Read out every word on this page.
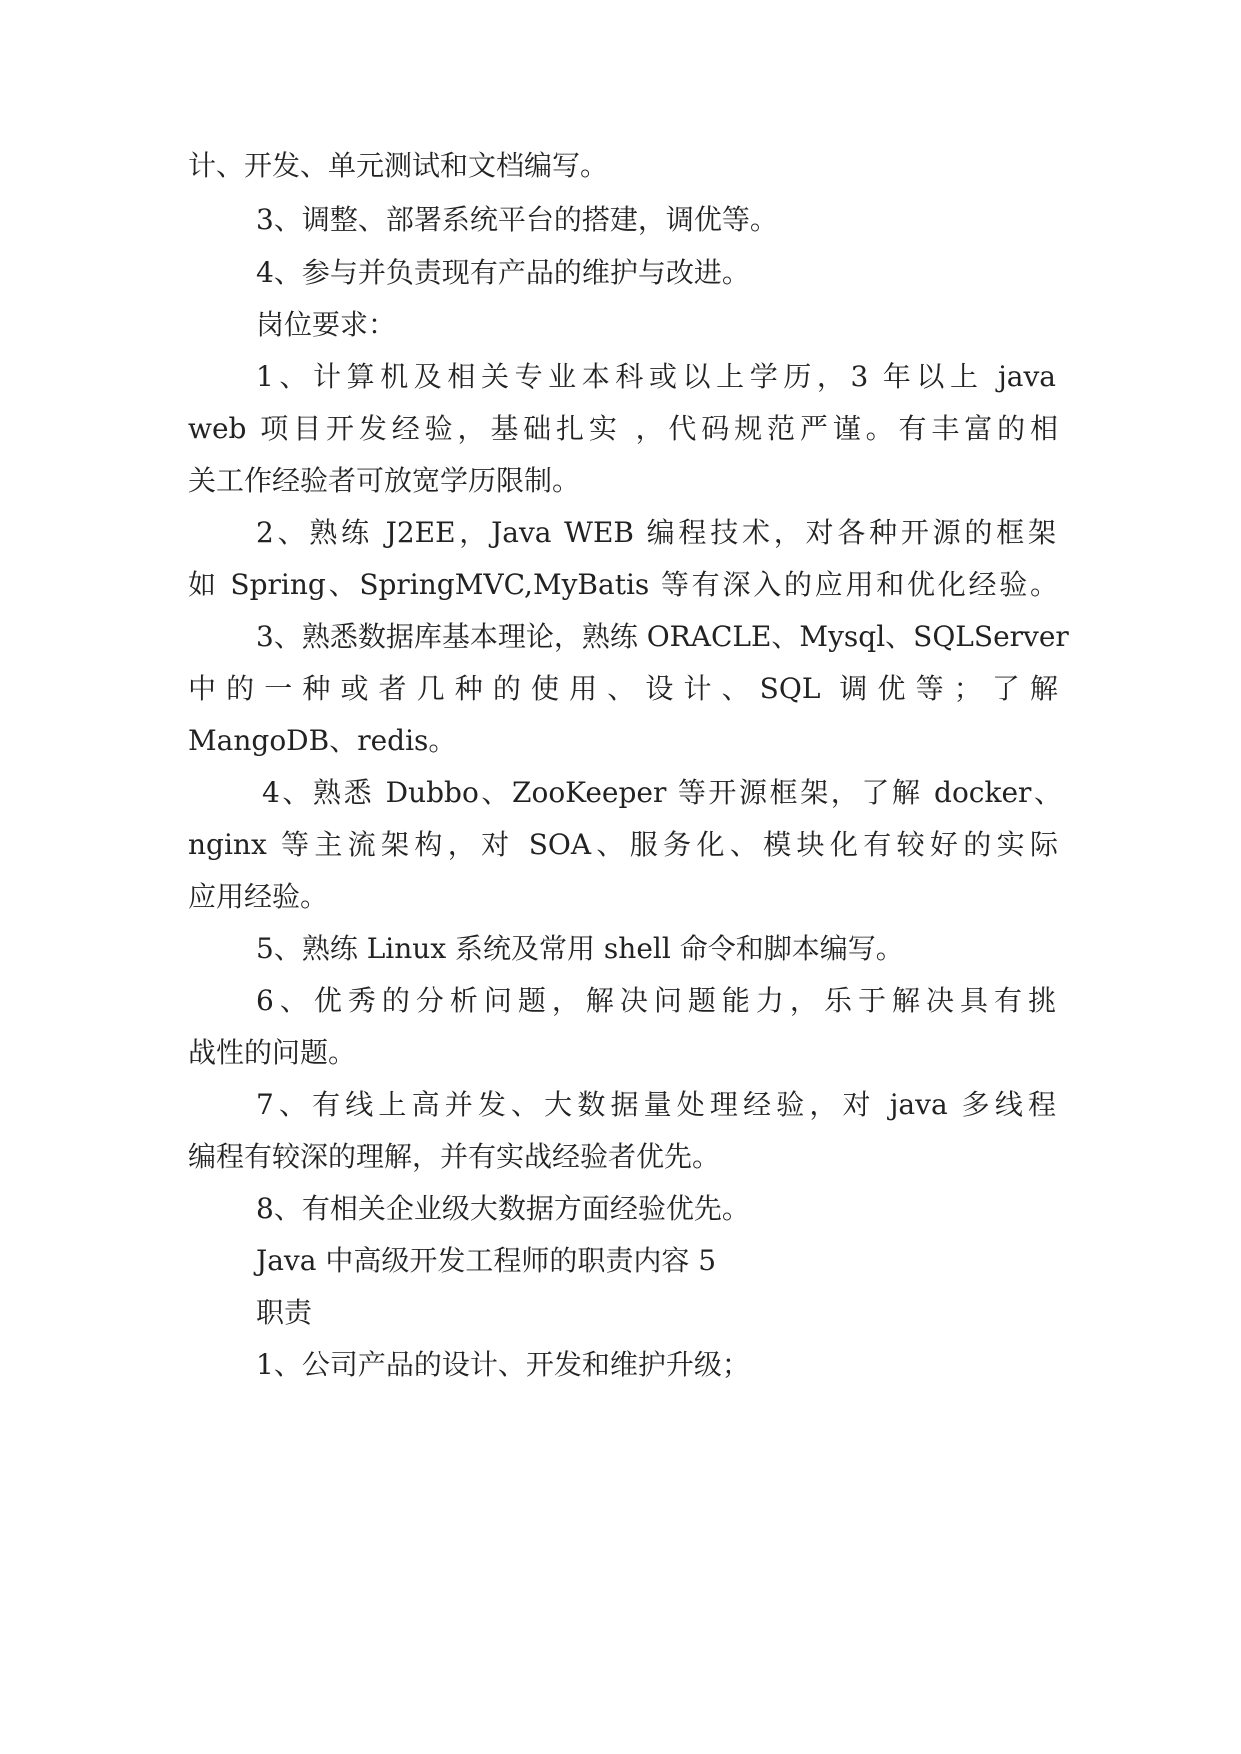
计、开发、单元测试和文档编写。
3、调整、部署系统平台的搭建，调优等。
4、参与并负责现有产品的维护与改进。
岗位要求：
1、计算机及相关专业本科或以上学历，3 年以上 java
web 项目开发经验，基础扎实 ，代码规范严谨。有丰富的相
关工作经验者可放宽学历限制。
2、熟练 J2EE，Java WEB 编程技术，对各种开源的框架
如 Spring、SpringMVC,MyBatis 等有深入的应用和优化经验。
3、熟悉数据库基本理论，熟练 ORACLE、Mysql、SQLServer
中的一种或者几种的使用、设计、SQL 调优等；了解
MangoDB、redis。
4、熟悉 Dubbo、ZooKeeper 等开源框架，了解 docker、
nginx 等主流架构，对 SOA、服务化、模块化有较好的实际
应用经验。
5、熟练 Linux 系统及常用 shell 命令和脚本编写。
6、优秀的分析问题，解决问题能力，乐于解决具有挑
战性的问题。
7、有线上高并发、大数据量处理经验，对 java 多线程
编程有较深的理解，并有实战经验者优先。
8、有相关企业级大数据方面经验优先。
Java 中高级开发工程师的职责内容 5
职责
1、公司产品的设计、开发和维护升级；
